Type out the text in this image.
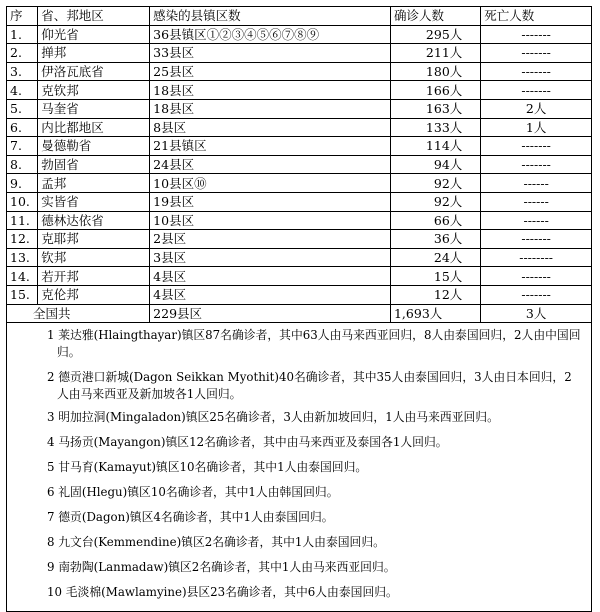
序	省、邦地区	感染的县镇区数	确诊人数	死亡人数
1.	仰光省	36县镇区①②③④⑤⑥⑦⑧⑨	295人	-------
2.	掸邦	33县区	211人	-------
3.	伊洛瓦底省	25县区	180人	-------
4.	克钦邦	18县区	166人	-------
5.	马奎省	18县区	163人	2人
6.	内比都地区	8县区	133人	1人
7.	曼德勒省	21县镇区	114人	-------
8.	勃固省	24县区	94人	-------
9.	孟邦	10县区⑩	92人	------
10.	实皆省	19县区	92人	------
11.	德林达依省	10县区	66人	------
12.	克耶邦	2县区	36人	-------
13.	钦邦	3县区	24人	--------
14.	若开邦	4县区	15人	-------
15.	克伦邦	4县区	12人	-------
全国共		229县区	1,693人	3人
1 莱达雅(Hlaingthayar)镇区87名确诊者，其中63人由马来西亚回归，8人由泰国回归，2人由中国回归。
2 德贡港口新城(Dagon Seikkan Myothit)40名确诊者，其中35人由泰国回归，3人由日本回归，2人由马来西亚及新加坡各1人回归。
3 明加拉洞(Mingaladon)镇区25名确诊者，3人由新加坡回归，1人由马来西亚回归。
4 马扬贡(Mayangon)镇区12名确诊者，其中由马来西亚及泰国各1人回归。
5 甘马育(Kamayut)镇区10名确诊者，其中1人由泰国回归。
6 礼固(Hlegu)镇区10名确诊者，其中1人由韩国回归。
7 德贡(Dagon)镇区4名确诊者，其中1人由泰国回归。
8 九文台(Kemmendine)镇区2名确诊者，其中1人由泰国回归。
9 南勃陶(Lanmadaw)镇区2名确诊者，其中1人由马来西亚回归。
10 毛淡棉(Mawlamyine)县区23名确诊者，其中6人由泰国回归。
